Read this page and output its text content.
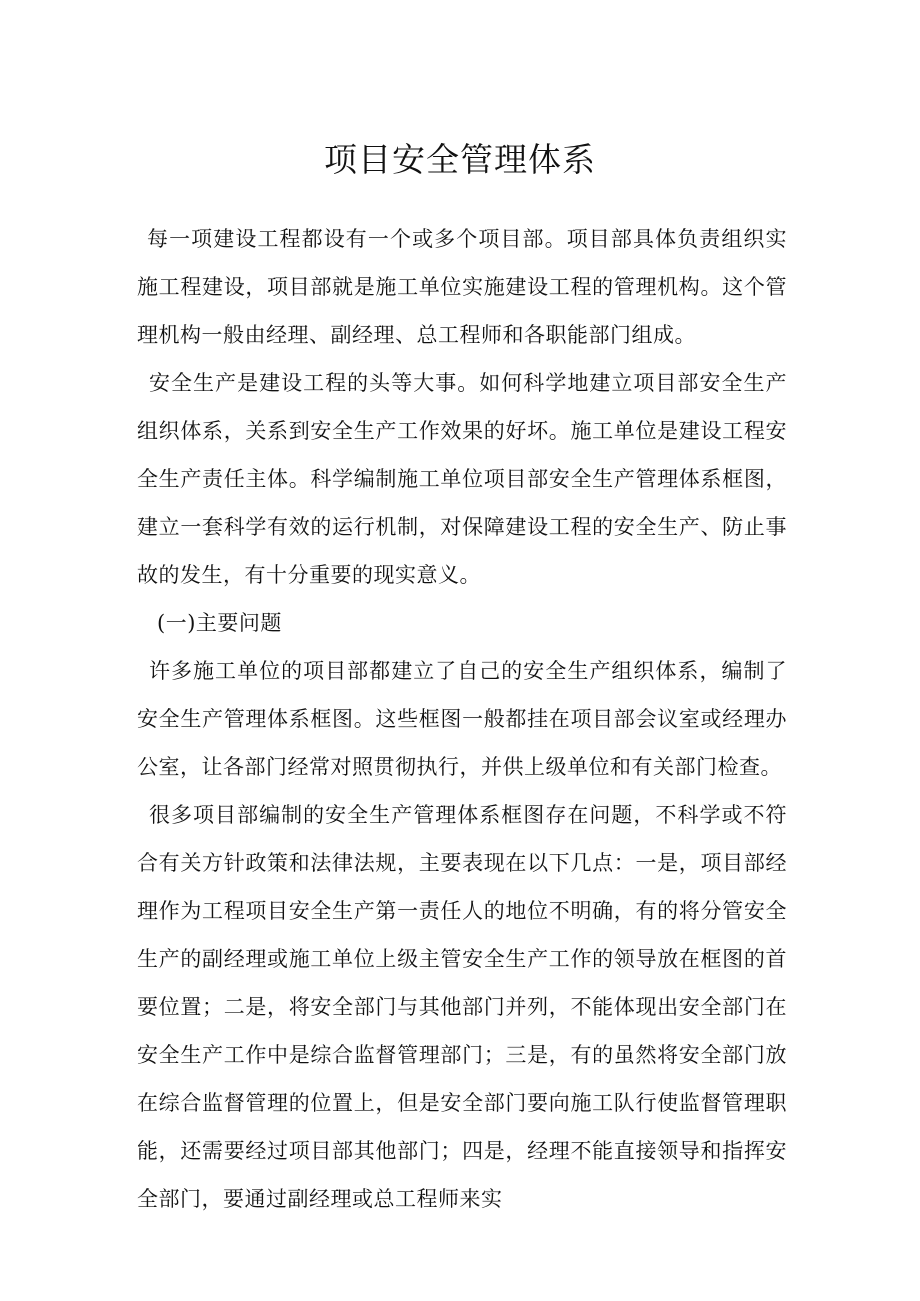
项目安全管理体系

每一项建设工程都设有一个或多个项目部。项目部具体负责组织实施工程建设，项目部就是施工单位实施建设工程的管理机构。这个管理机构一般由经理、副经理、总工程师和各职能部门组成。

安全生产是建设工程的头等大事。如何科学地建立项目部安全生产组织体系，关系到安全生产工作效果的好坏。施工单位是建设工程安全生产责任主体。科学编制施工单位项目部安全生产管理体系框图，建立一套科学有效的运行机制，对保障建设工程的安全生产、防止事故的发生，有十分重要的现实意义。

(一)主要问题

许多施工单位的项目部都建立了自己的安全生产组织体系，编制了安全生产管理体系框图。这些框图一般都挂在项目部会议室或经理办公室，让各部门经常对照贯彻执行，并供上级单位和有关部门检查。

很多项目部编制的安全生产管理体系框图存在问题，不科学或不符合有关方针政策和法律法规，主要表现在以下几点：一是，项目部经理作为工程项目安全生产第一责任人的地位不明确，有的将分管安全生产的副经理或施工单位上级主管安全生产工作的领导放在框图的首要位置；二是，将安全部门与其他部门并列，不能体现出安全部门在安全生产工作中是综合监督管理部门；三是，有的虽然将安全部门放在综合监督管理的位置上，但是安全部门要向施工队行使监督管理职能，还需要经过项目部其他部门；四是，经理不能直接领导和指挥安全部门，要通过副经理或总工程师来实
